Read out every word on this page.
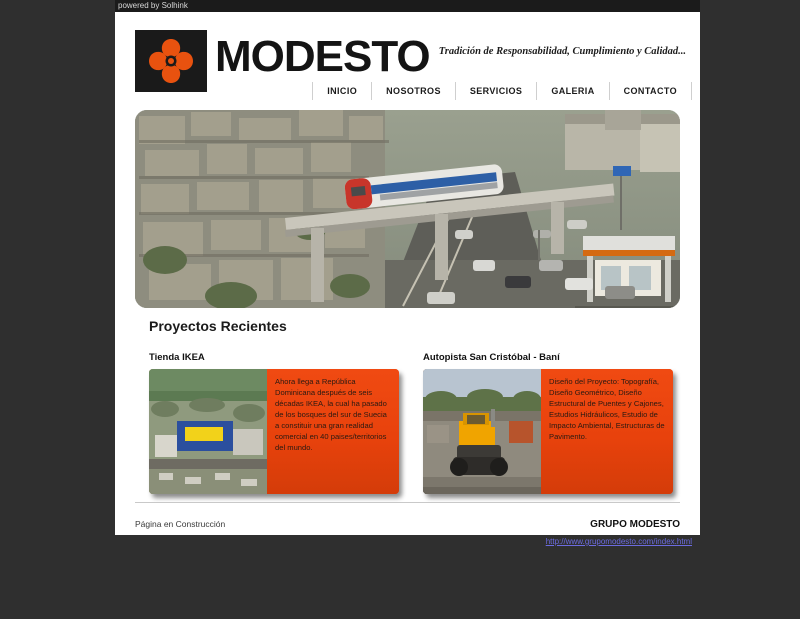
powered by Solhink
MODESTO Tradición de Responsabilidad, Cumplimiento y Calidad...
INICIO	NOSOTROS	SERVICIOS	GALERIA	CONTACTO
Proyectos Recientes
Tienda IKEA
Ahora llega a República Dominicana después de seis décadas IKEA, la cual ha pasado de los bosques del sur de Suecia a constituir una gran realidad comercial en 40 paises/territorios del mundo.
Autopista San Cristóbal - Baní
Diseño del Proyecto: Topografía, Diseño Geométrico, Diseño Estructural de Puentes y Cajones, Estudios Hidráulicos, Estudio de Impacto Ambiental, Estructuras de Pavimento.
Página en Construcción	GRUPO MODESTO
http://www.grupomodesto.com/index.html
